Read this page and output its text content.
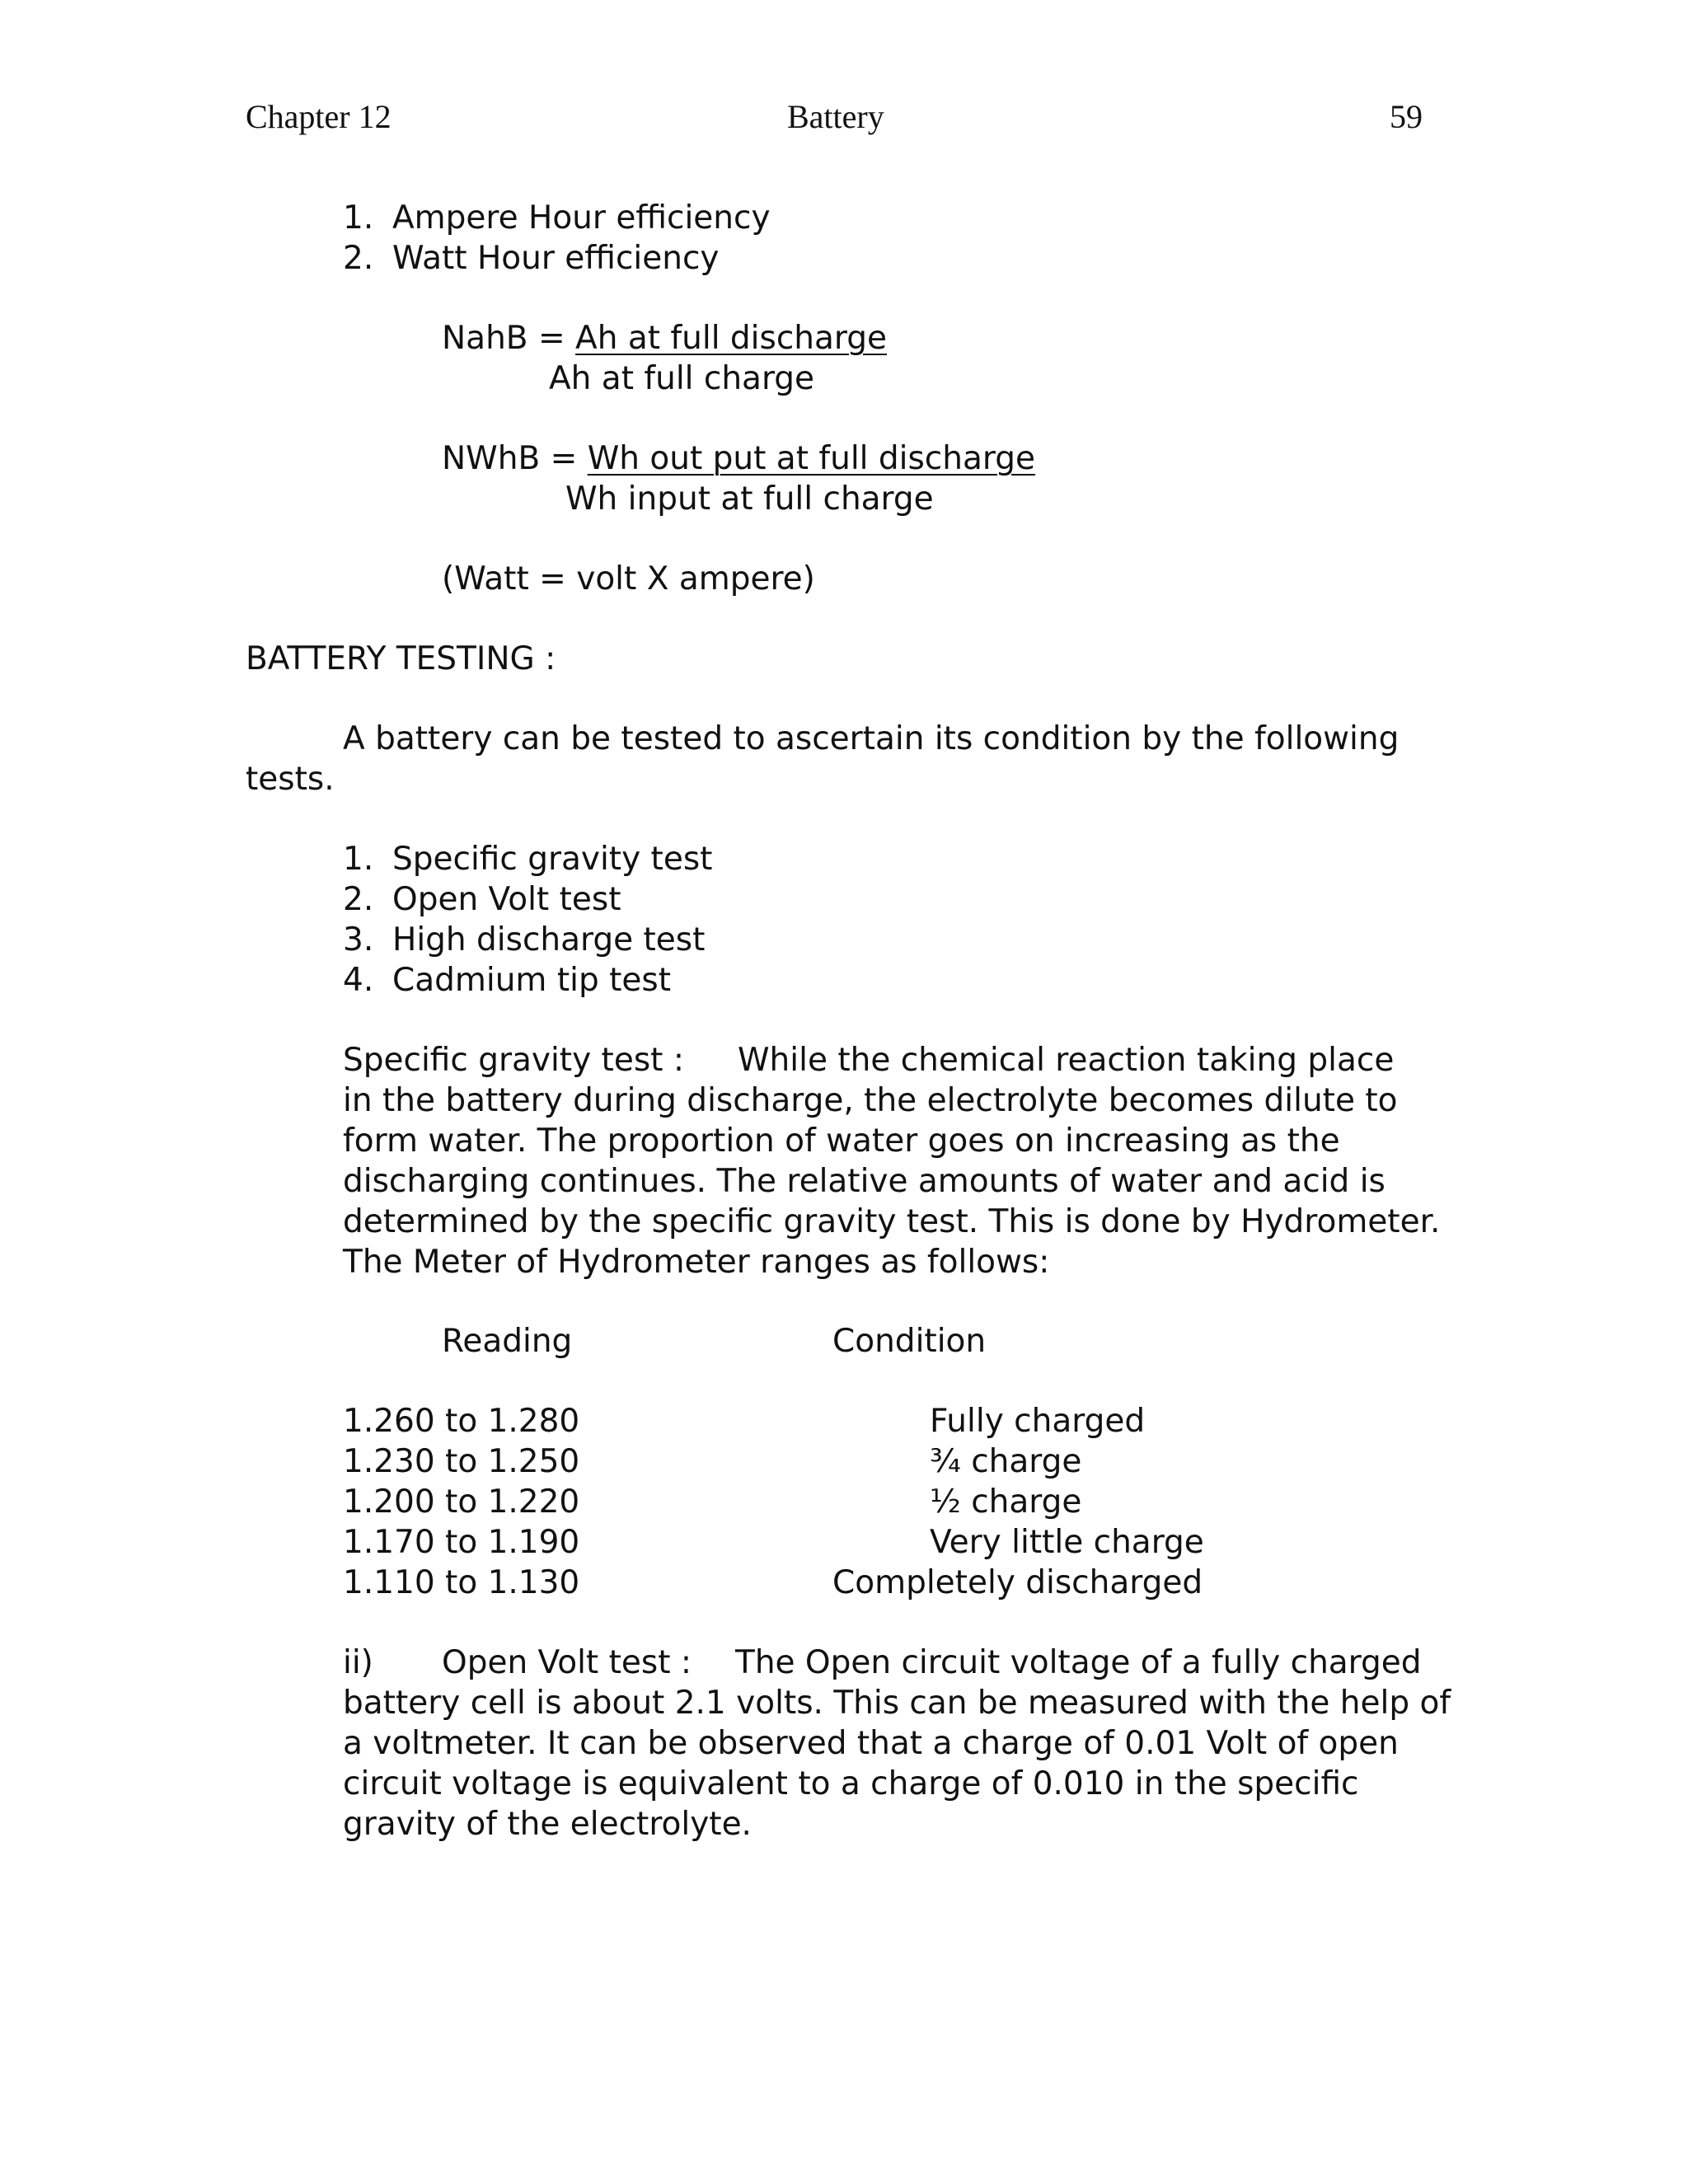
Chapter 12	Battery	59
1. Ampere Hour efficiency
2. Watt Hour efficiency
NahB = Ah at full discharge
Ah at full charge
NWhB = Wh out put at full discharge
Wh input at full charge
(Watt = volt X ampere)
BATTERY TESTING :
A battery can be tested to ascertain its condition by the following
tests.
1. Specific gravity test
2. Open Volt test
3. High discharge test
4. Cadmium tip test
Specific gravity test : While the chemical reaction taking place
in the battery during discharge, the electrolyte becomes dilute to
form water. The proportion of water goes on increasing as the
discharging continues. The relative amounts of water and acid is
determined by the specific gravity test. This is done by Hydrometer.
The Meter of Hydrometer ranges as follows:
Reading	Condition
1.260 to 1.280	Fully charged
1.230 to 1.250	¾ charge
1.200 to 1.220	½ charge
1.170 to 1.190	Very little charge
1.110 to 1.130	Completely discharged
ii) Open Volt test : The Open circuit voltage of a fully charged
battery cell is about 2.1 volts. This can be measured with the help of
a voltmeter. It can be observed that a charge of 0.01 Volt of open
circuit voltage is equivalent to a charge of 0.010 in the specific
gravity of the electrolyte.
